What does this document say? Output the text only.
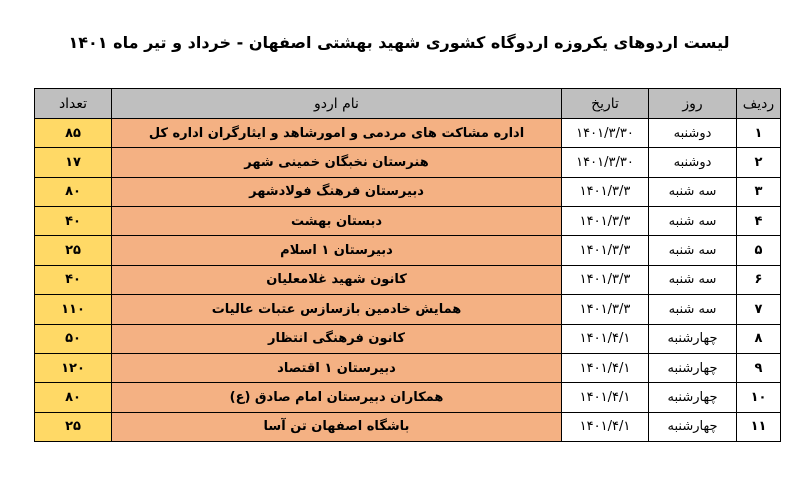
لیست اردوهای یکروزه اردوگاه کشوری شهید بهشتی اصفهان - خرداد و تیر ماه ۱۴۰۱
ردیف	روز	تاریخ	نام اردو	تعداد
۱	دوشنبه	۱۴۰۱/۳/۳۰	اداره مشاکت های مردمی و امورشاهد و ایثارگران اداره کل	۸۵
۲	دوشنبه	۱۴۰۱/۳/۳۰	هنرستان نخبگان خمینی شهر	۱۷
۳	سه شنبه	۱۴۰۱/۳/۳	دبیرستان فرهنگ فولادشهر	۸۰
۴	سه شنبه	۱۴۰۱/۳/۳	دبستان بهشت	۴۰
۵	سه شنبه	۱۴۰۱/۳/۳	دبیرستان ۱ اسلام	۲۵
۶	سه شنبه	۱۴۰۱/۳/۳	کانون شهید غلامعلیان	۴۰
۷	سه شنبه	۱۴۰۱/۳/۳	همایش خادمین بازسازس عتبات عالیات	۱۱۰
۸	چهارشنبه	۱۴۰۱/۴/۱	کانون فرهنگی انتظار	۵۰
۹	چهارشنبه	۱۴۰۱/۴/۱	دبیرستان ۱ اقتصاد	۱۲۰
۱۰	چهارشنبه	۱۴۰۱/۴/۱	همکاران دبیرستان امام صادق (ع)	۸۰
۱۱	چهارشنبه	۱۴۰۱/۴/۱	باشگاه اصفهان تن آسا	۲۵
